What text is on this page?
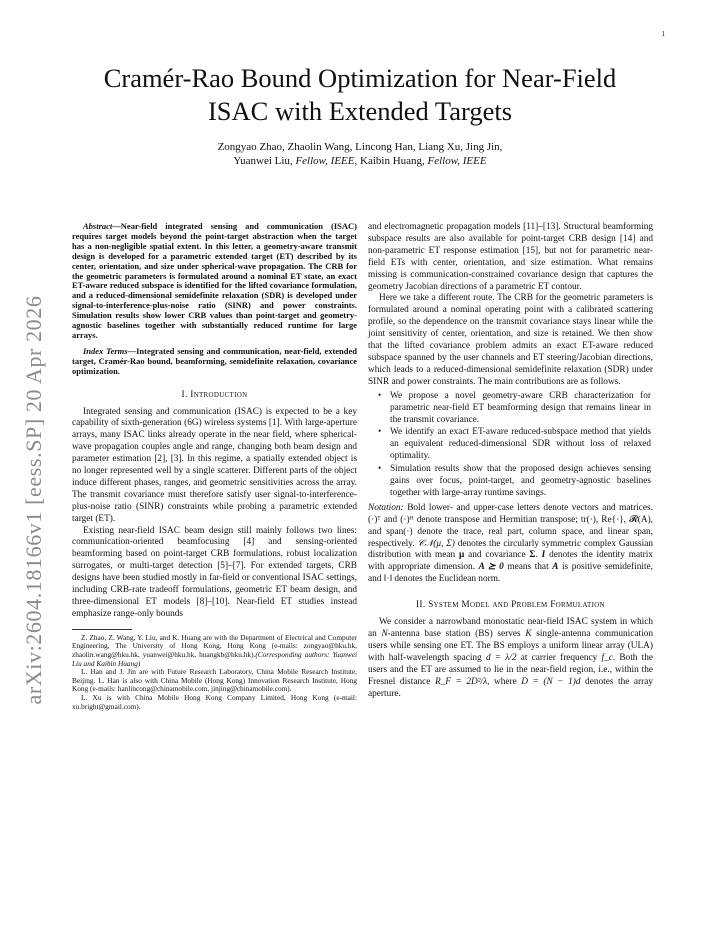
1
arXiv:2604.18166v1 [eess.SP] 20 Apr 2026
Cramér-Rao Bound Optimization for Near-Field
ISAC with Extended Targets
Zongyao Zhao, Zhaolin Wang, Lincong Han, Liang Xu, Jing Jin,
Yuanwei Liu, Fellow, IEEE, Kaibin Huang, Fellow, IEEE

Abstract—Near-field integrated sensing and communication (ISAC) requires target models beyond the point-target abstraction when the target has a non-negligible spatial extent. In this letter, a geometry-aware transmit design is developed for a parametric extended target (ET) described by its center, orientation, and size under spherical-wave propagation. The CRB for the geometric parameters is formulated around a nominal ET state, an exact ET-aware reduced subspace is identified for the lifted covariance formulation, and a reduced-dimensional semidefinite relaxation (SDR) is developed under signal-to-interference-plus-noise ratio (SINR) and power constraints. Simulation results show lower CRB values than point-target and geometry-agnostic baselines together with substantially reduced runtime for large arrays.

Index Terms—Integrated sensing and communication, near-field, extended target, Cramér-Rao bound, beamforming, semidefinite relaxation, covariance optimization.

I. Introduction

Integrated sensing and communication (ISAC) is expected to be a key capability of sixth-generation (6G) wireless systems [1]. With large-aperture arrays, many ISAC links already operate in the near field, where spherical-wave propagation couples angle and range, changing both beam design and parameter estimation [2], [3]. In this regime, a spatially extended object is no longer represented well by a single scatterer. Different parts of the object induce different phases, ranges, and geometric sensitivities across the array. The transmit covariance must therefore satisfy user signal-to-interference-plus-noise ratio (SINR) constraints while probing a parametric extended target (ET).

Existing near-field ISAC beam design still mainly follows two lines: communication-oriented beamfocusing [4] and sensing-oriented beamforming based on point-target CRB formulations, robust localization surrogates, or multi-target detection [5]–[7]. For extended targets, CRB designs have been studied mostly in far-field or conventional ISAC settings, including CRB-rate tradeoff formulations, geometric ET beam design, and three-dimensional ET models [8]–[10]. Near-field ET studies instead emphasize range-only bounds

Z. Zhao, Z. Wang, Y. Liu, and K. Huang are with the Department of Electrical and Computer Engineering, The University of Hong Kong, Hong Kong (e-mails: zongyao@hku.hk, zhaolin.wang@hku.hk, yuanwei@hku.hk, huangkb@hku.hk).(Corresponding authors: Yuanwei Liu and Kaibin Huang)

L. Han and J. Jin are with Future Research Laboratory, China Mobile Research Institute, Beijing. L. Han is also with China Mobile (Hong Kong) Innovation Research Institute, Hong Kong (e-mails: hanlincong@chinamobile.com, jinjing@chinamobile.com).

L. Xu is with China Mobile Hong Kong Company Limited, Hong Kong (e-mail: xu.bright@gmail.com).

and electromagnetic propagation models [11]–[13]. Structural beamforming subspace results are also available for point-target CRB design [14] and non-parametric ET response estimation [15], but not for parametric near-field ETs with center, orientation, and size estimation. What remains missing is communication-constrained covariance design that captures the geometry Jacobian directions of a parametric ET contour.

Here we take a different route. The CRB for the geometric parameters is formulated around a nominal operating point with a calibrated scattering profile, so the dependence on the transmit covariance stays linear while the joint sensitivity of center, orientation, and size is retained. We then show that the lifted covariance problem admits an exact ET-aware reduced subspace spanned by the user channels and ET steering/Jacobian directions, which leads to a reduced-dimensional semidefinite relaxation (SDR) under SINR and power constraints. The main contributions are as follows.

• We propose a novel geometry-aware CRB characterization for parametric near-field ET beamforming design that remains linear in the transmit covariance.
• We identify an exact ET-aware reduced-subspace method that yields an equivalent reduced-dimensional SDR without loss of relaxed optimality.
• Simulation results show that the proposed design achieves sensing gains over focus, point-target, and geometry-agnostic baselines together with large-array runtime savings.

Notation: Bold lower- and upper-case letters denote vectors and matrices. (·)ᵀ and (·)ᴴ denote transpose and Hermitian transpose; tr(·), Re{·}, 𝓡(A), and span(·) denote the trace, real part, column space, and linear span, respectively. 𝒞𝒩(μ, Σ) denotes the circularly symmetric complex Gaussian distribution with mean μ and covariance Σ. I denotes the identity matrix with appropriate dimension. A ⪰ 0 means that A is positive semidefinite, and ‖·‖ denotes the Euclidean norm.

II. System Model and Problem Formulation

We consider a narrowband monostatic near-field ISAC system in which an N-antenna base station (BS) serves K single-antenna communication users while sensing one ET. The BS employs a uniform linear array (ULA) with half-wavelength spacing d = λ/2 at carrier frequency f_c. Both the users and the ET are assumed to lie in the near-field region, i.e., within the Fresnel distance R_F = 2D²/λ, where D = (N − 1)d denotes the array aperture.
